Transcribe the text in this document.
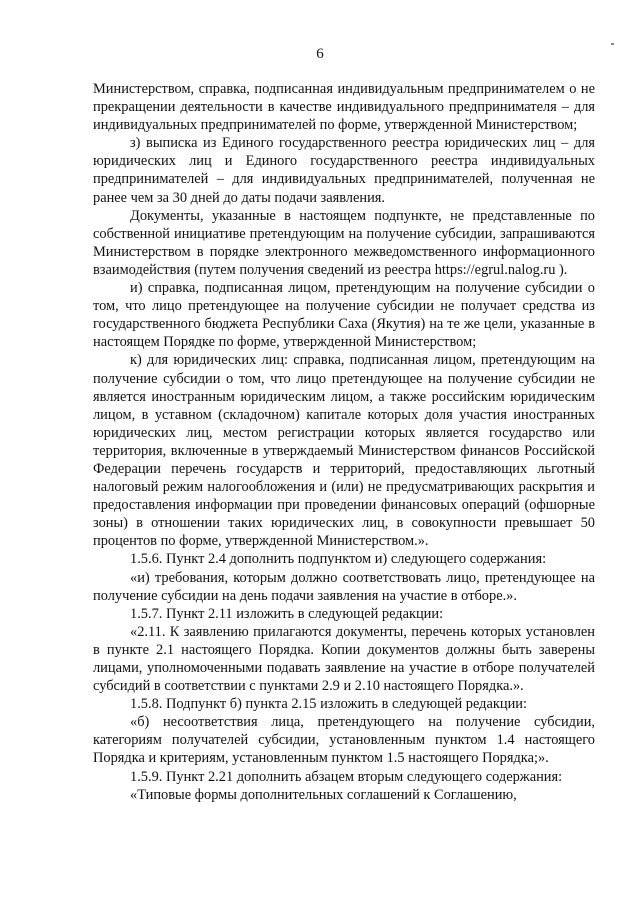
6

Министерством, справка, подписанная индивидуальным предпринимателем о не прекращении деятельности в качестве индивидуального предпринимателя – для индивидуальных предпринимателей по форме, утвержденной Министерством;

з) выписка из Единого государственного реестра юридических лиц – для юридических лиц и Единого государственного реестра индивидуальных предпринимателей – для индивидуальных предпринимателей, полученная не ранее чем за 30 дней до даты подачи заявления.

Документы, указанные в настоящем подпункте, не представленные по собственной инициативе претендующим на получение субсидии, запрашиваются Министерством в порядке электронного межведомственного информационного взаимодействия (путем получения сведений из реестра https://egrul.nalog.ru ).

и) справка, подписанная лицом, претендующим на получение субсидии о том, что лицо претендующее на получение субсидии не получает средства из государственного бюджета Республики Саха (Якутия) на те же цели, указанные в настоящем Порядке по форме, утвержденной Министерством;

к) для юридических лиц: справка, подписанная лицом, претендующим на получение субсидии о том, что лицо претендующее на получение субсидии не является иностранным юридическим лицом, а также российским юридическим лицом, в уставном (складочном) капитале которых доля участия иностранных юридических лиц, местом регистрации которых является государство или территория, включенные в утверждаемый Министерством финансов Российской Федерации перечень государств и территорий, предоставляющих льготный налоговый режим налогообложения и (или) не предусматривающих раскрытия и предоставления информации при проведении финансовых операций (офшорные зоны) в отношении таких юридических лиц, в совокупности превышает 50 процентов по форме, утвержденной Министерством.».

1.5.6. Пункт 2.4 дополнить подпунктом и) следующего содержания:

«и) требования, которым должно соответствовать лицо, претендующее на получение субсидии на день подачи заявления на участие в отборе.».

1.5.7. Пункт 2.11 изложить в следующей редакции:

«2.11. К заявлению прилагаются документы, перечень которых установлен в пункте 2.1 настоящего Порядка. Копии документов должны быть заверены лицами, уполномоченными подавать заявление на участие в отборе получателей субсидий в соответствии с пунктами 2.9 и 2.10 настоящего Порядка.».

1.5.8. Подпункт б) пункта 2.15 изложить в следующей редакции:

«б) несоответствия лица, претендующего на получение субсидии, категориям получателей субсидии, установленным пунктом 1.4 настоящего Порядка и критериям, установленным пунктом 1.5 настоящего Порядка;».

1.5.9. Пункт 2.21 дополнить абзацем вторым следующего содержания:

«Типовые формы дополнительных соглашений к Соглашению,
